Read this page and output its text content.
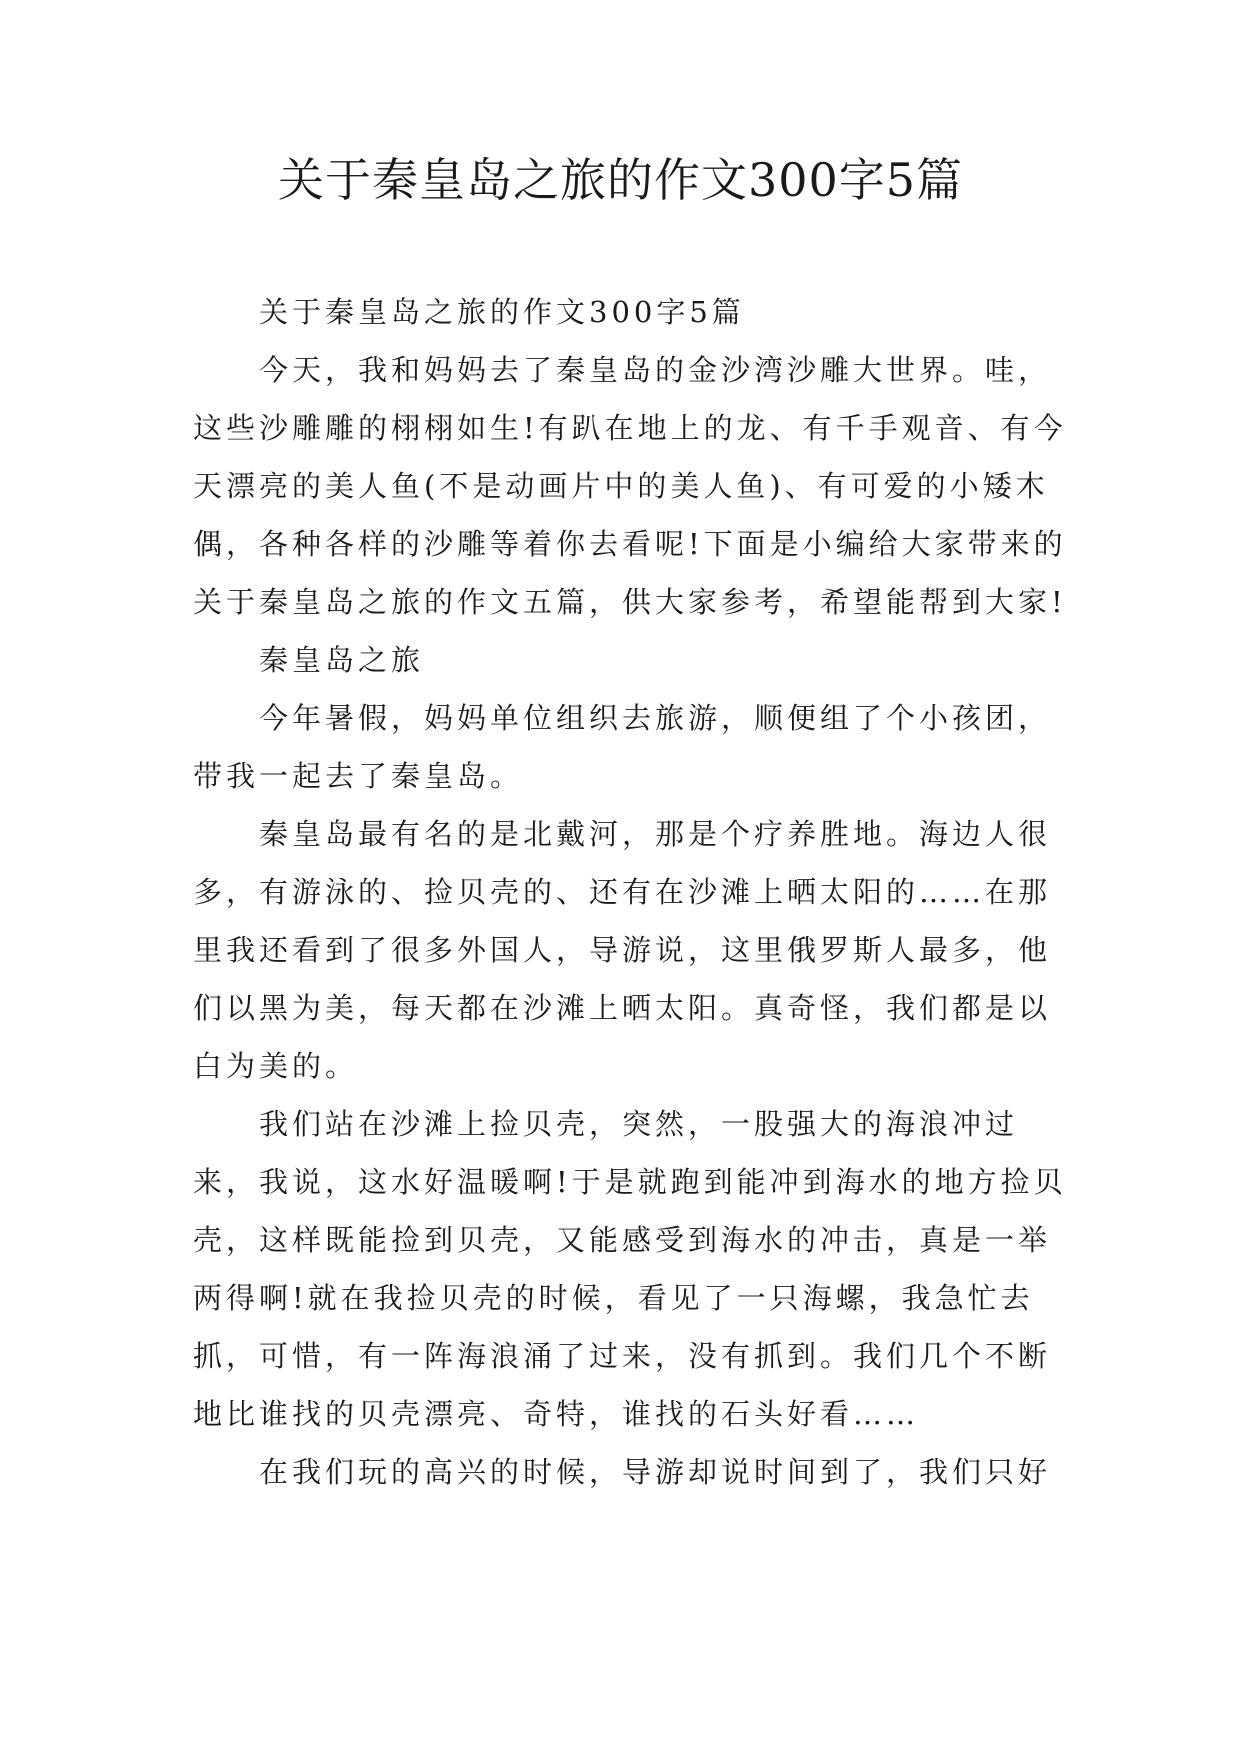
关于秦皇岛之旅的作文300字5篇

关于秦皇岛之旅的作文300字5篇

今天，我和妈妈去了秦皇岛的金沙湾沙雕大世界。哇，这些沙雕雕的栩栩如生!有趴在地上的龙、有千手观音、有今天漂亮的美人鱼(不是动画片中的美人鱼)、有可爱的小矮木偶，各种各样的沙雕等着你去看呢!下面是小编给大家带来的关于秦皇岛之旅的作文五篇，供大家参考，希望能帮到大家!

秦皇岛之旅

今年暑假，妈妈单位组织去旅游，顺便组了个小孩团，带我一起去了秦皇岛。

秦皇岛最有名的是北戴河，那是个疗养胜地。海边人很多，有游泳的、捡贝壳的、还有在沙滩上晒太阳的……在那里我还看到了很多外国人，导游说，这里俄罗斯人最多，他们以黑为美，每天都在沙滩上晒太阳。真奇怪，我们都是以白为美的。

我们站在沙滩上捡贝壳，突然，一股强大的海浪冲过来，我说，这水好温暖啊!于是就跑到能冲到海水的地方捡贝壳，这样既能捡到贝壳，又能感受到海水的冲击，真是一举两得啊!就在我捡贝壳的时候，看见了一只海螺，我急忙去抓，可惜，有一阵海浪涌了过来，没有抓到。我们几个不断地比谁找的贝壳漂亮、奇特，谁找的石头好看……

在我们玩的高兴的时候，导游却说时间到了，我们只好
